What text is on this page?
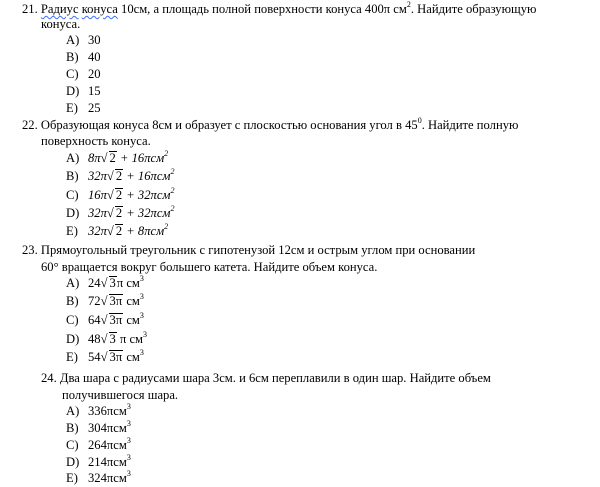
21. Радиус конуса 10см, а площадь полной поверхности конуса 400π $см^2$. Найдите образующую
конуса.
A) 30
B) 40
C) 20
D) 15
E) 25
22. Образующая конуса 8см и образует с плоскостью основания угол в $45^0$. Найдите полную
поверхность конуса.
A) 8π√ 2 + 16πсм$^2$
B) 32π√ 2 + 16πсм$^2$
C) 16π√ 2 + 32πсм$^2$
D) 32π√ 2 + 32πсм$^2$
E) 32π√ 2 + 8πсм$^2$
23. Прямоугольный треугольник с гипотенузой 12см и острым углом при основании
60° вращается вокруг большего катета. Найдите объем конуса.
A) 24√ 3π $см^3$
B) 72√ 3π $см^3$
C) 64√ 3π $см^3$
D) 48√ 3 π $см^3$
E) 54√ 3π $см^3$
24. Два шара с радиусами шара 3см. и 6см переплавили в один шар. Найдите объем
получившегося шара.
A) 336πсм$^3$
B) 304πсм$^3$
C) 264πсм$^3$
D) 214πсм$^3$
E) 324πсм$^3$
